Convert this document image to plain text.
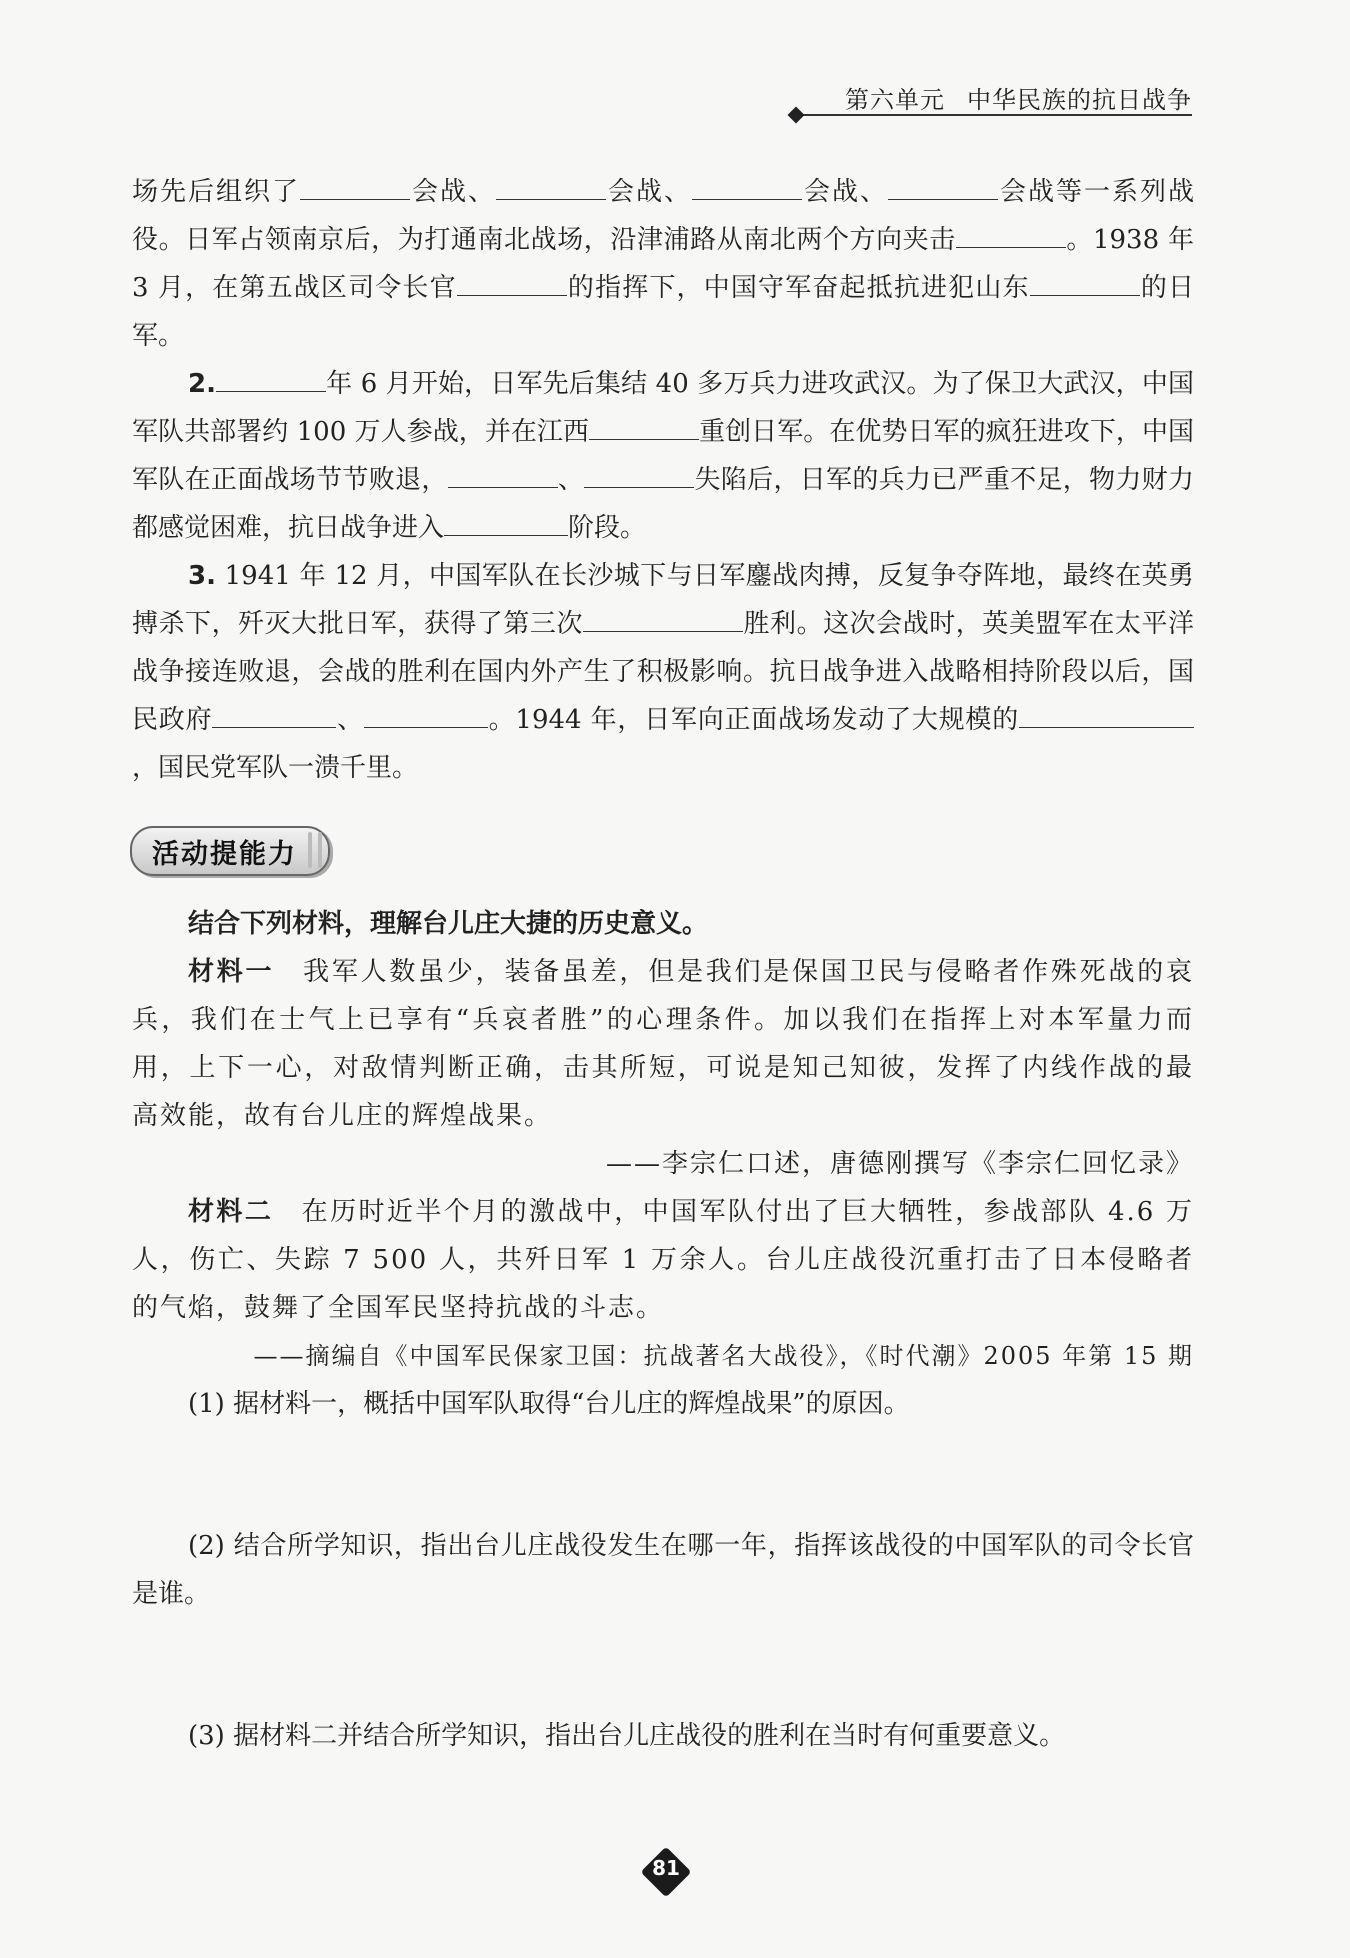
第六单元 中华民族的抗日战争

场先后组织了	会战、	会战、	会战、	会战等一系列战役。日军占领南京后，为打通南北战场，沿津浦路从南北两个方向夹击	。1938 年 3 月，在第五战区司令长官	的指挥下，中国守军奋起抵抗进犯山东	的日军。

2.	年 6 月开始，日军先后集结 40 多万兵力进攻武汉。为了保卫大武汉，中国军队共部署约 100 万人参战，并在江西	重创日军。在优势日军的疯狂进攻下，中国军队在正面战场节节败退，	、	失陷后，日军的兵力已严重不足，物力财力都感觉困难，抗日战争进入	阶段。

3. 1941 年 12 月，中国军队在长沙城下与日军鏖战肉搏，反复争夺阵地，最终在英勇搏杀下，歼灭大批日军，获得了第三次	胜利。这次会战时，英美盟军在太平洋战争接连败退，会战的胜利在国内外产生了积极影响。抗日战争进入战略相持阶段以后，国民政府	、	。1944 年，日军向正面战场发动了大规模的，国民党军队一溃千里。

活动提能力

结合下列材料，理解台儿庄大捷的历史意义。

材料一　 我军人数虽少，装备虽差，但是我们是保国卫民与侵略者作殊死战的哀兵，我们在士气上已享有“兵哀者胜”的心理条件。加以我们在指挥上对本军量力而用，上下一心，对敌情判断正确，击其所短，可说是知己知彼，发挥了内线作战的最高效能，故有台儿庄的辉煌战果。

——李宗仁口述，唐德刚撰写《李宗仁回忆录》

材料二　 在历时近半个月的激战中，中国军队付出了巨大牺牲，参战部队 4.6 万人，伤亡、失踪 7 500 人，共歼日军 1 万余人。台儿庄战役沉重打击了日本侵略者的气焰，鼓舞了全国军民坚持抗战的斗志。

——摘编自《中国军民保家卫国：抗战著名大战役》，《时代潮》2005 年第 15 期

(1) 据材料一，概括中国军队取得“台儿庄的辉煌战果”的原因。

(2) 结合所学知识，指出台儿庄战役发生在哪一年，指挥该战役的中国军队的司令长官是谁。

(3) 据材料二并结合所学知识，指出台儿庄战役的胜利在当时有何重要意义。

81
